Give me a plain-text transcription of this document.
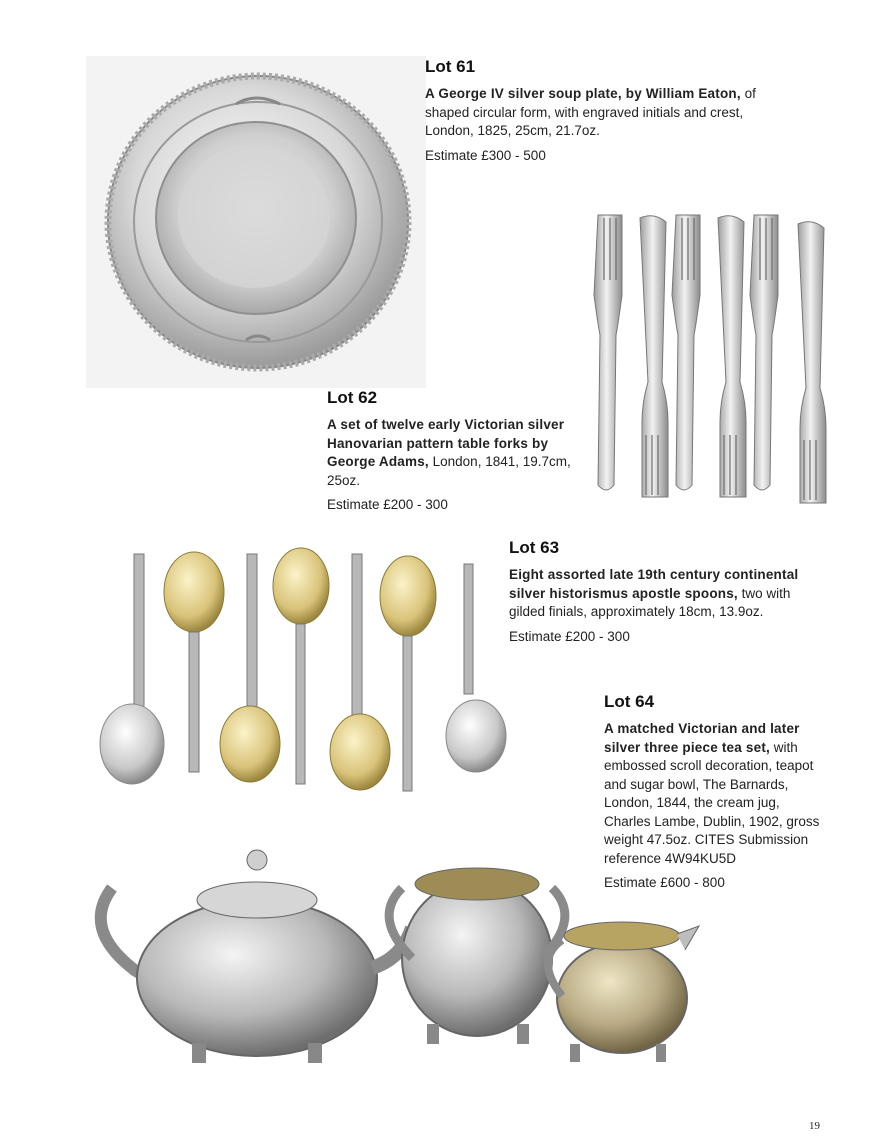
Lot 61

A George IV silver soup plate, by William Eaton, of shaped circular form, with engraved initials and crest, London, 1825, 25cm, 21.7oz.

Estimate £300 - 500

Lot 62

A set of twelve early Victorian silver Hanovarian pattern table forks by George Adams, London, 1841, 19.7cm, 25oz.

Estimate £200 - 300

Lot 63

Eight assorted late 19th century continental silver historismus apostle spoons, two with gilded finials, approximately 18cm, 13.9oz.

Estimate £200 - 300

Lot 64

A matched Victorian and later silver three piece tea set, with embossed scroll decoration, teapot and sugar bowl, The Barnards, London, 1844, the cream jug, Charles Lambe, Dublin, 1902, gross weight 47.5oz. CITES Submission reference 4W94KU5D

Estimate £600 - 800

19
